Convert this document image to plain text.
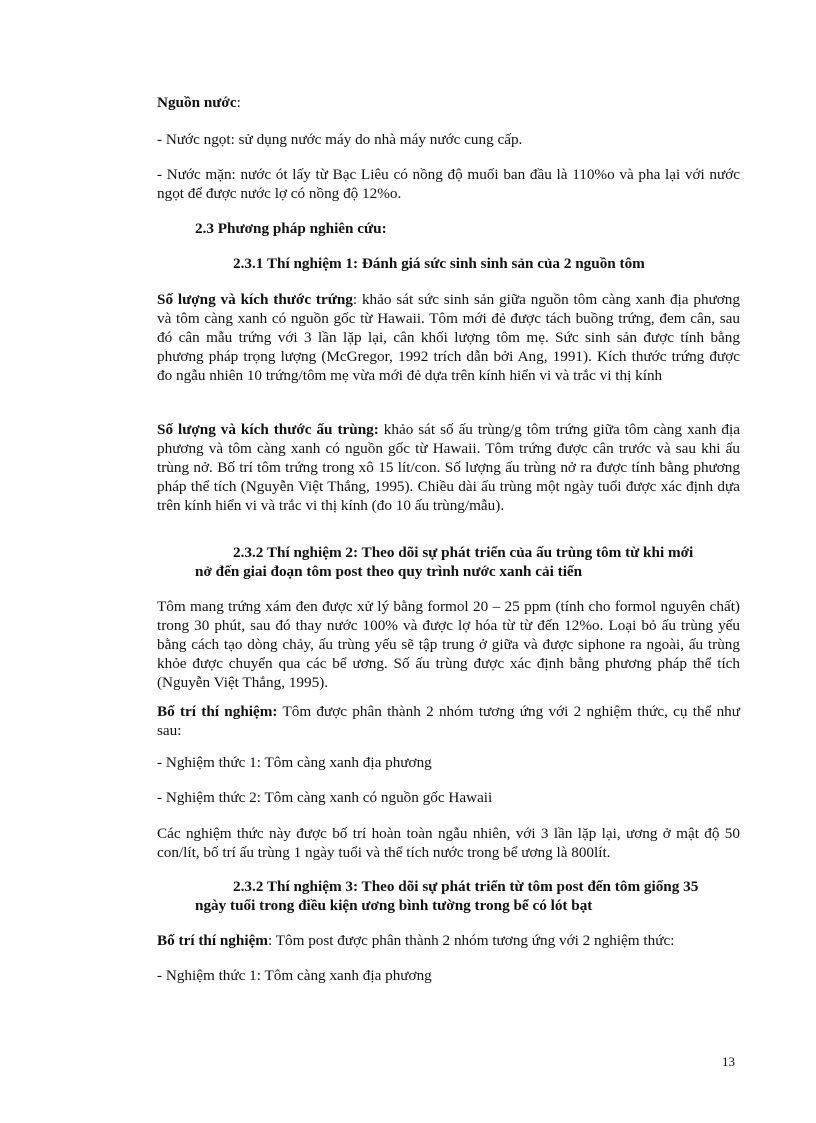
Nguồn nước:

- Nước ngọt: sử dụng nước máy do nhà máy nước cung cấp.

- Nước mặn: nước ót lấy từ Bạc Liêu có nồng độ muối ban đầu là 110%o và pha lại với nước ngọt để được nước lợ có nồng độ 12%o.

2.3 Phương pháp nghiên cứu:

2.3.1 Thí nghiệm 1: Đánh giá sức sinh sinh sản của 2 nguồn tôm

Số lượng và kích thước trứng: khảo sát sức sinh sản giữa nguồn tôm càng xanh địa phương và tôm càng xanh có nguồn gốc từ Hawaii. Tôm mới đẻ được tách buồng trứng, đem cân, sau đó cân mẫu trứng với 3 lần lặp lại, cân khối lượng tôm mẹ. Sức sinh sản được tính bằng phương pháp trọng lượng (McGregor, 1992 trích dẫn bởi Ang, 1991). Kích thước trứng được đo ngẫu nhiên 10 trứng/tôm mẹ vừa mới đẻ dựa trên kính hiển vi và trắc vi thị kính

Số lượng và kích thước ấu trùng: khảo sát số ấu trùng/g tôm trứng giữa tôm càng xanh địa phương và tôm càng xanh có nguồn gốc từ Hawaii. Tôm trứng được cân trước và sau khi ấu trùng nở. Bố trí tôm trứng trong xô 15 lít/con. Số lượng ấu trùng nở ra được tính bằng phương pháp thể tích (Nguyễn Việt Thắng, 1995). Chiều dài ấu trùng một ngày tuổi được xác định dựa trên kính hiển vi và trắc vi thị kính (đo 10 ấu trùng/mẫu).

2.3.2 Thí nghiệm 2: Theo dõi sự phát triển của ấu trùng tôm từ khi mới
nở đến giai đoạn tôm post theo quy trình nước xanh cải tiến

Tôm mang trứng xám đen được xử lý bằng formol 20 – 25 ppm (tính cho formol nguyên chất) trong 30 phút, sau đó thay nước 100% và được lợ hóa từ từ đến 12%o. Loại bỏ ấu trùng yếu bằng cách tạo dòng chảy, ấu trùng yếu sẽ tập trung ở giữa và được siphone ra ngoài, ấu trùng khỏe được chuyển qua các bể ương. Số ấu trùng được xác định bằng phương pháp thể tích (Nguyễn Việt Thắng, 1995).

Bố trí thí nghiệm: Tôm được phân thành 2 nhóm tương ứng với 2 nghiệm thức, cụ thể như sau:

- Nghiệm thức 1: Tôm càng xanh địa phương

- Nghiệm thức 2: Tôm càng xanh có nguồn gốc Hawaii

Các nghiệm thức này được bố trí hoàn toàn ngẫu nhiên, với 3 lần lặp lại, ương ở mật độ 50 con/lít, bố trí ấu trùng 1 ngày tuổi và thể tích nước trong bể ương là 800lít.

2.3.2 Thí nghiệm 3: Theo dõi sự phát triển từ tôm post đến tôm giống 35
ngày tuổi trong điều kiện ương bình tường trong bể có lót bạt

Bố trí thí nghiệm: Tôm post được phân thành 2 nhóm tương ứng với 2 nghiệm thức:

- Nghiệm thức 1: Tôm càng xanh địa phương

13
